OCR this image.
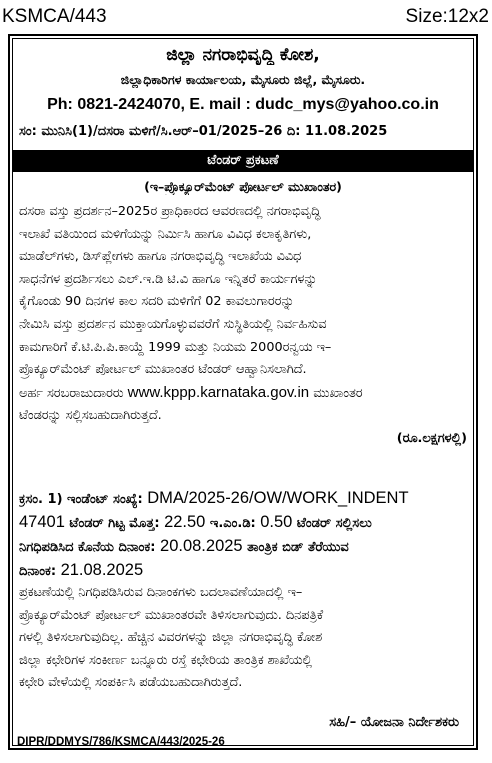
KSMCA/443	Size:12x2
ಜಿಲ್ಲಾ ನಗರಾಭಿವೃದ್ಧಿ ಕೋಶ,
ಜಿಲ್ಲಾಧಿಕಾರಿಗಳ ಕಾರ್ಯಾಲಯ, ಮೈಸೂರು ಜಿಲ್ಲೆ, ಮೈಸೂರು.
Ph: 0821-2424070, E. mail : dudc_mys@yahoo.co.in
ಸಂ: ಮುನಿಸಿ(1)/ದಸರಾ ಮಳಿಗೆ/ಸಿ.ಆರ್–01/2025–26 ದಿ: 11.08.2025
ಟೆಂಡರ್ ಪ್ರಕಟಣೆ
(ಇ–ಪ್ರೊಕ್ಯೂರ್‌ಮೆಂಟ್ ಪೋರ್ಟಲ್ ಮುಖಾಂತರ)
ದಸರಾ ವಸ್ತು ಪ್ರದರ್ಶನ–2025ರ ಪ್ರಾಧಿಕಾರದ ಆವರಣದಲ್ಲಿ ನಗರಾಭಿವೃದ್ಧಿ
ಇಲಾಖೆ ವತಿಯಿಂದ ಮಳಿಗೆಯನ್ನು ನಿರ್ಮಿಸಿ ಹಾಗೂ ವಿವಿಧ ಕಲಾಕೃತಿಗಳು,
ಮಾಡೆಲ್‌ಗಳು, ಡಿಸ್‌ಪ್ಲೇಗಳು ಹಾಗೂ ನಗರಾಭಿವೃದ್ಧಿ ಇಲಾಖೆಯ ವಿವಿಧ
ಸಾಧನೆಗಳ ಪ್ರದರ್ಶಿಸಲು ಎಲ್.ಇ.ಡಿ ಟಿ.ವಿ ಹಾಗೂ ಇನ್ನಿತರೆ ಕಾರ್ಯಗಳನ್ನು
ಕೈಗೊಂಡು 90 ದಿನಗಳ ಕಾಲ ಸದರಿ ಮಳಿಗೆಗೆ 02 ಕಾವಲುಗಾರರನ್ನು
ನೇಮಿಸಿ ವಸ್ತು ಪ್ರದರ್ಶನ ಮುಕ್ತಾಯಗೊಳ್ಳುವವರೆಗೆ ಸುಸ್ಥಿತಿಯಲ್ಲಿ ನಿರ್ವಹಿಸುವ
ಕಾಮಗಾರಿಗೆ ಕೆ.ಟಿ.ಪಿ.ಪಿ.ಕಾಯ್ದೆ 1999 ಮತ್ತು ನಿಯಮ 2000ರನ್ವಯ ಇ–
ಪ್ರೊಕ್ಯೂರ್‌ಮೆಂಟ್ ಪೋರ್ಟಲ್ ಮುಖಾಂತರ ಟೆಂಡರ್ ಆಹ್ವಾನಿಸಲಾಗಿದೆ.
ಅರ್ಹ ಸರಬರಾಜುದಾರರು www.kppp.karnataka.gov.in ಮುಖಾಂತರ
ಟೆಂಡರನ್ನು ಸಲ್ಲಿಸಬಹುದಾಗಿರುತ್ತದೆ.
(ರೂ.ಲಕ್ಷಗಳಲ್ಲಿ)
ಕ್ರಸಂ. 1) ಇಂಡೆಂಟ್ ಸಂಖ್ಯೆ: DMA/2025-26/OW/WORK_INDENT
47401 ಟೆಂಡರ್ ಗಿಟ್ಟ ಮೊತ್ತ: 22.50 ಇ.ಎಂ.ಡಿ: 0.50 ಟೆಂಡರ್ ಸಲ್ಲಿಸಲು
ನಿಗಧಿಪಡಿಸಿದ ಕೊನೆಯ ದಿನಾಂಕ: 20.08.2025 ತಾಂತ್ರಿಕ ಬಿಡ್ ತೆರೆಯುವ
ದಿನಾಂಕ: 21.08.2025
ಪ್ರಕಟಣೆಯಲ್ಲಿ ನಿಗಧಿಪಡಿಸಿರುವ ದಿನಾಂಕಗಳು ಬದಲಾವಣೆಯಾದಲ್ಲಿ ಇ–
ಪ್ರೊಕ್ಯೂರ್‌ಮೆಂಟ್ ಪೋರ್ಟಲ್ ಮುಖಾಂತರವೇ ತಿಳಿಸಲಾಗುವುದು. ದಿನಪತ್ರಿಕೆ
ಗಳಲ್ಲಿ ತಿಳಿಸಲಾಗುವುದಿಲ್ಲ. ಹೆಚ್ಚಿನ ವಿವರಗಳನ್ನು ಜಿಲ್ಲಾ ನಗರಾಭಿವೃದ್ಧಿ ಕೋಶ
ಜಿಲ್ಲಾ ಕಛೇರಿಗಳ ಸಂಕೀರ್ಣ ಬನ್ನೂರು ರಸ್ತೆ ಕಛೇರಿಯ ತಾಂತ್ರಿಕ ಶಾಖೆಯಲ್ಲಿ
ಕಛೇರಿ ವೇಳೆಯಲ್ಲಿ ಸಂಪರ್ಕಿಸಿ ಪಡೆಯಬಹುದಾಗಿರುತ್ತದೆ.
ಸಹಿ/– ಯೋಜನಾ ನಿರ್ದೇಶಕರು
DIPR/DDMYS/786/KSMCA/443/2025-26
